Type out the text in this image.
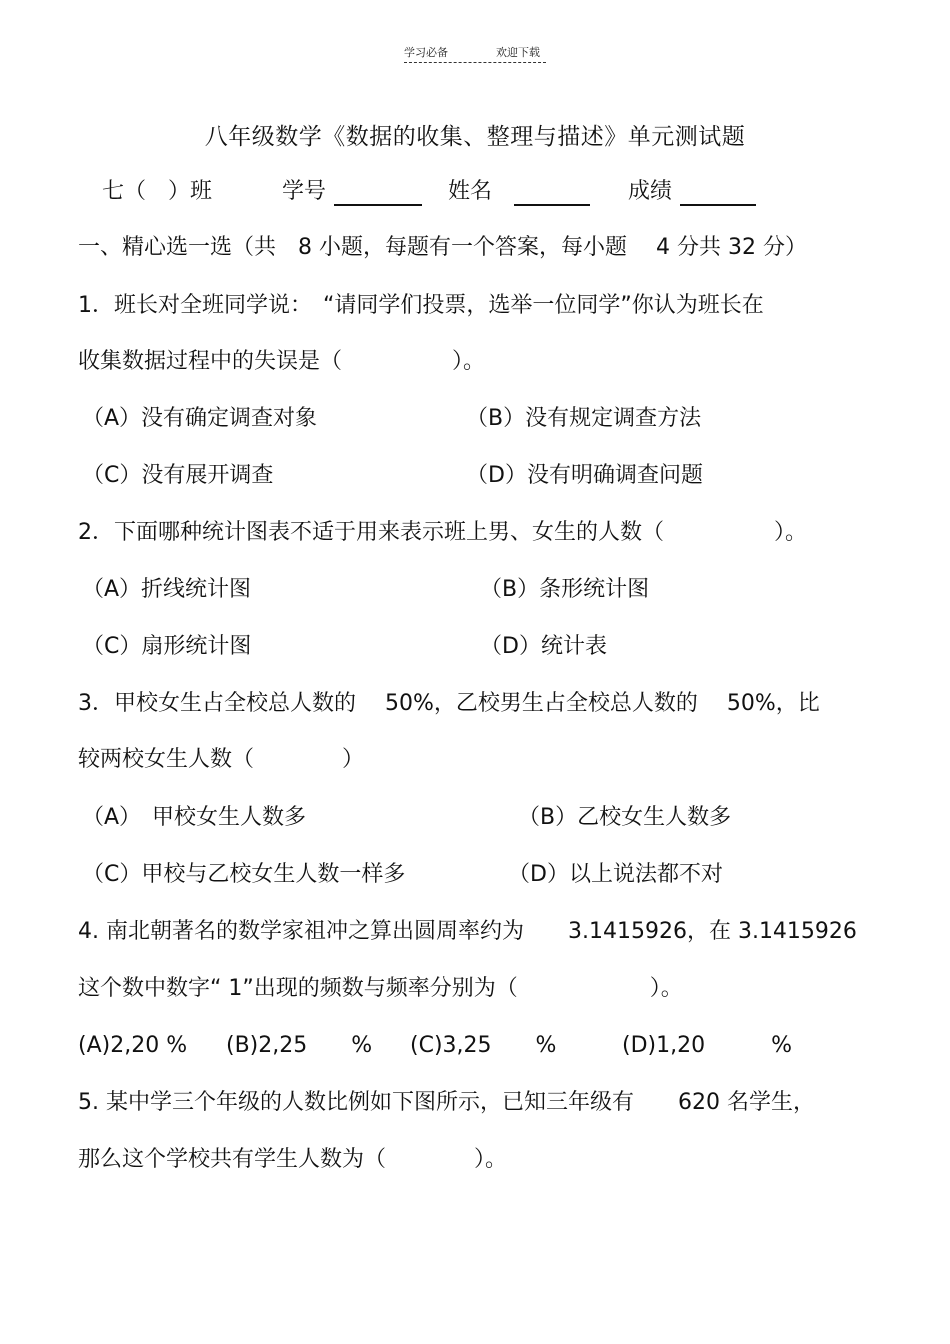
学习必备	欢迎下载
八年级数学《数据的收集、整理与描述》单元测试题
七（　）班	学号	姓名	成绩
一、精心选一选（共　8 小题，每题有一个答案，每小题　 4 分共 32 分）
1．班长对全班同学说：　“请同学们投票，选举一位同学”你认为班长在
收集数据过程中的失误是（　　　　　）。
（A）没有确定调查对象	（B）没有规定调查方法
（C）没有展开调查	（D）没有明确调查问题
2．下面哪种统计图表不适于用来表示班上男、女生的人数（　　　　　）。
（A）折线统计图	（B）条形统计图
（C）扇形统计图	（D）统计表
3．甲校女生占全校总人数的　 50%，乙校男生占全校总人数的　 50%，比
较两校女生人数（　　　　）
（A）　甲校女生人数多	（B）乙校女生人数多
（C）甲校与乙校女生人数一样多	（D）以上说法都不对
4. 南北朝著名的数学家祖冲之算出圆周率约为　　3.1415926，在 3.1415926
这个数中数字“ 1”出现的频数与频率分别为（　　　　　　）。
(A)2,20 % (B)2,25　　% (C)3,25　　%	(D)1,20　　　%
5. 某中学三个年级的人数比例如下图所示，已知三年级有　　620 名学生，
那么这个学校共有学生人数为（　　　　）。
